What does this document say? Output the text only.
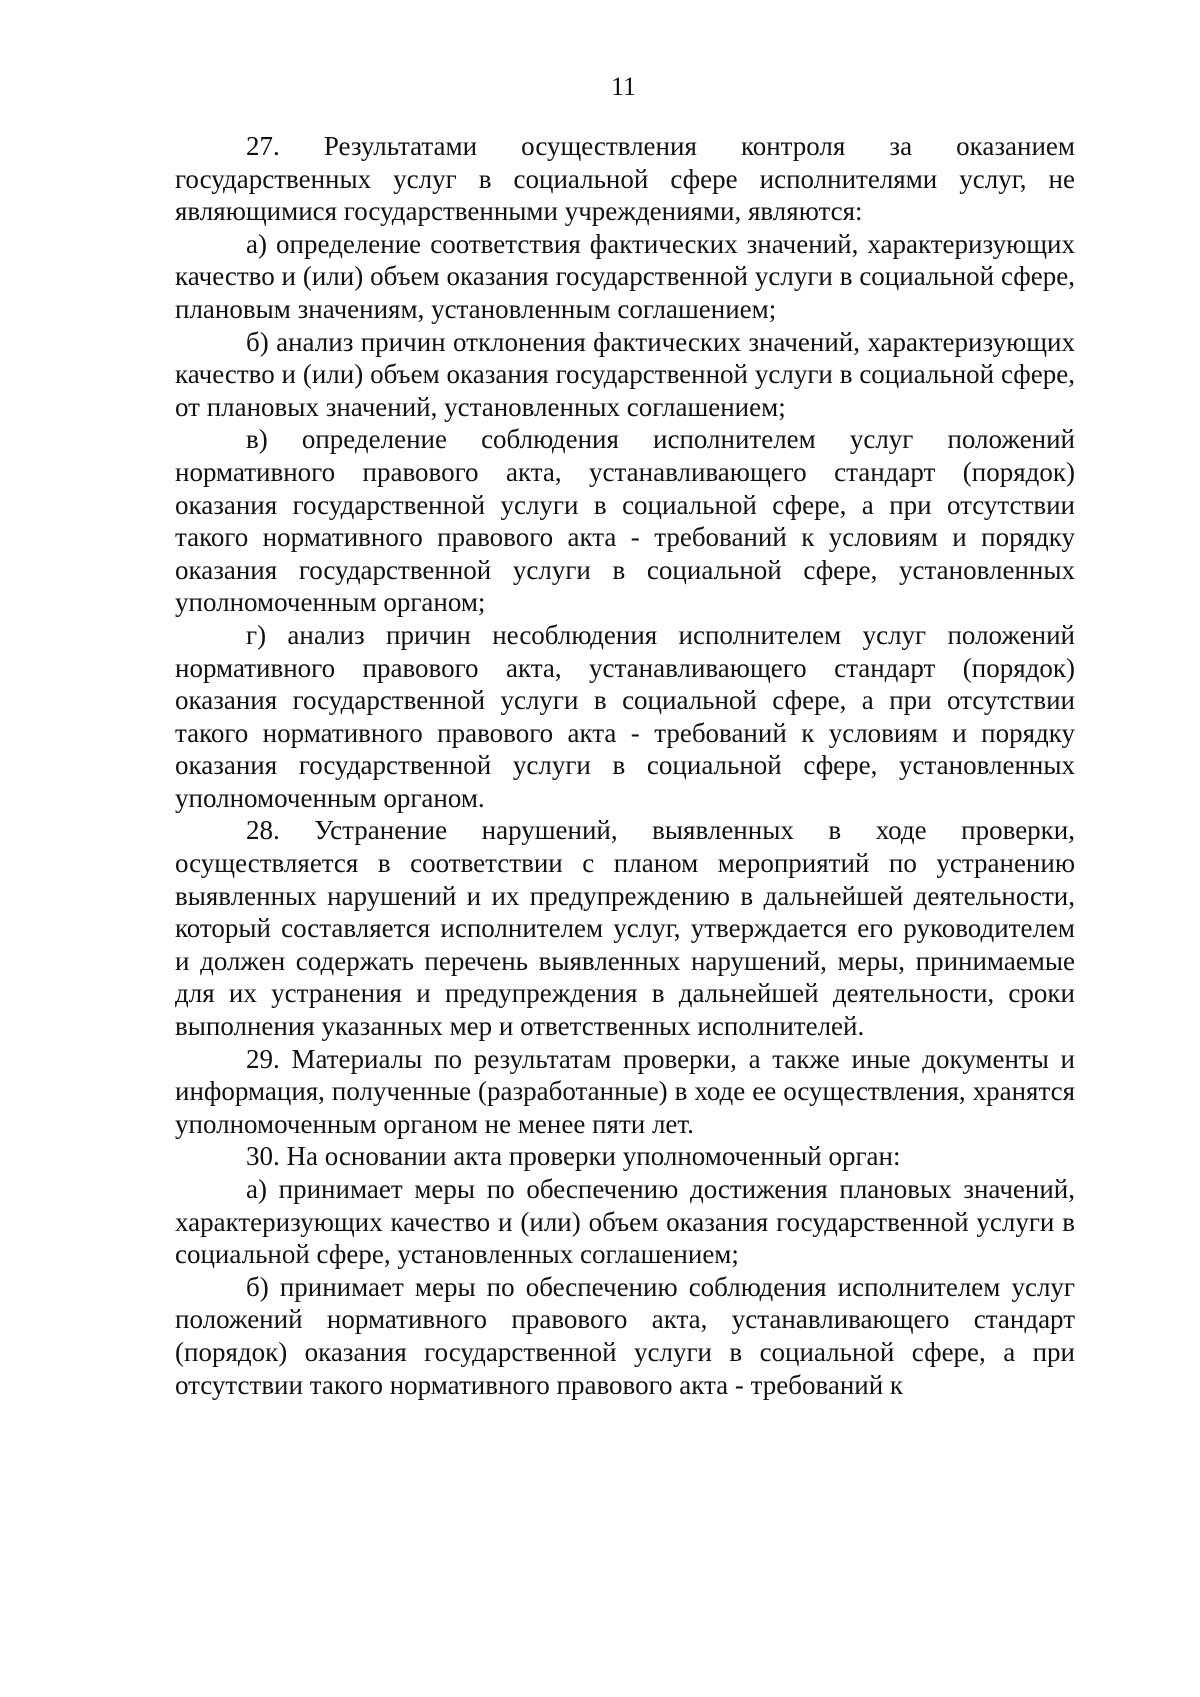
11

27. Результатами осуществления контроля за оказанием государственных услуг в социальной сфере исполнителями услуг, не являющимися государственными учреждениями, являются:

а) определение соответствия фактических значений, характеризующих качество и (или) объем оказания государственной услуги в социальной сфере, плановым значениям, установленным соглашением;

б) анализ причин отклонения фактических значений, характеризующих качество и (или) объем оказания государственной услуги в социальной сфере, от плановых значений, установленных соглашением;

в) определение соблюдения исполнителем услуг положений нормативного правового акта, устанавливающего стандарт (порядок) оказания государственной услуги в социальной сфере, а при отсутствии такого нормативного правового акта - требований к условиям и порядку оказания государственной услуги в социальной сфере, установленных уполномоченным органом;

г) анализ причин несоблюдения исполнителем услуг положений нормативного правового акта, устанавливающего стандарт (порядок) оказания государственной услуги в социальной сфере, а при отсутствии такого нормативного правового акта - требований к условиям и порядку оказания государственной услуги в социальной сфере, установленных уполномоченным органом.

28. Устранение нарушений, выявленных в ходе проверки, осуществляется в соответствии с планом мероприятий по устранению выявленных нарушений и их предупреждению в дальнейшей деятельности, который составляется исполнителем услуг, утверждается его руководителем и должен содержать перечень выявленных нарушений, меры, принимаемые для их устранения и предупреждения в дальнейшей деятельности, сроки выполнения указанных мер и ответственных исполнителей.

29. Материалы по результатам проверки, а также иные документы и информация, полученные (разработанные) в ходе ее осуществления, хранятся уполномоченным органом не менее пяти лет.

30. На основании акта проверки уполномоченный орган:

а) принимает меры по обеспечению достижения плановых значений, характеризующих качество и (или) объем оказания государственной услуги в социальной сфере, установленных соглашением;

б) принимает меры по обеспечению соблюдения исполнителем услуг положений нормативного правового акта, устанавливающего стандарт (порядок) оказания государственной услуги в социальной сфере, а при отсутствии такого нормативного правового акта - требований к
